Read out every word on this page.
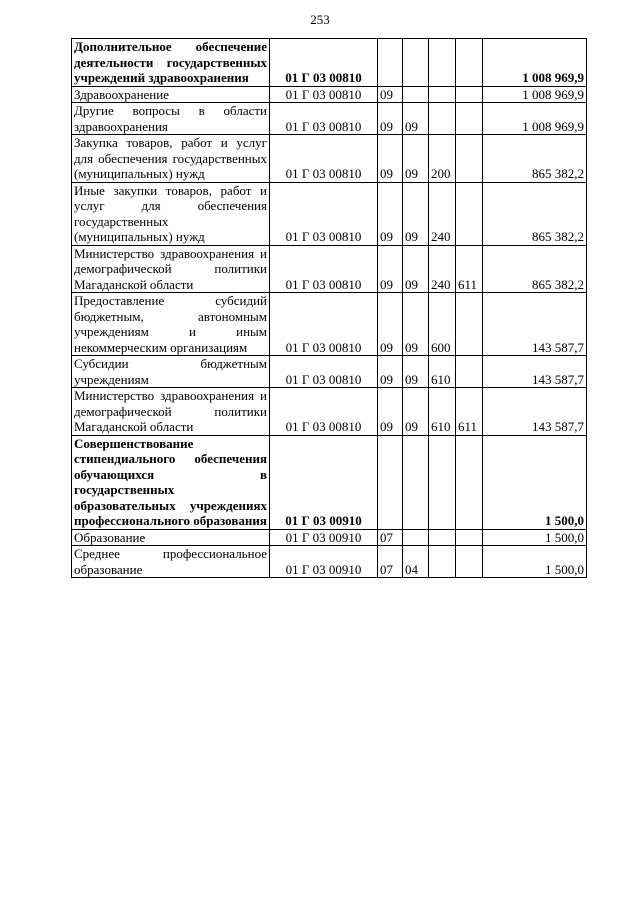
253
Дополнительное обеспечение деятельности государственных учреждений здравоохранения	01 Г 03 00810					1 008 969,9
Здравоохранение	01 Г 03 00810	09				1 008 969,9
Другие вопросы в области здравоохранения	01 Г 03 00810	09	09			1 008 969,9
Закупка товаров, работ и услуг для обеспечения государственных (муниципальных) нужд	01 Г 03 00810	09	09	200		865 382,2
Иные закупки товаров, работ и услуг для обеспечения государственных (муниципальных) нужд	01 Г 03 00810	09	09	240		865 382,2
Министерство здравоохранения и демографической политики Магаданской области	01 Г 03 00810	09	09	240	611	865 382,2
Предоставление субсидий бюджетным, автономным учреждениям и иным некоммерческим организациям	01 Г 03 00810	09	09	600		143 587,7
Субсидии бюджетным учреждениям	01 Г 03 00810	09	09	610		143 587,7
Министерство здравоохранения и демографической политики Магаданской области	01 Г 03 00810	09	09	610	611	143 587,7
Совершенствование стипендиального обеспечения обучающихся в государственных образовательных учреждениях профессионального образования	01 Г 03 00910					1 500,0
Образование	01 Г 03 00910	07				1 500,0
Среднее профессиональное образование	01 Г 03 00910	07	04			1 500,0
